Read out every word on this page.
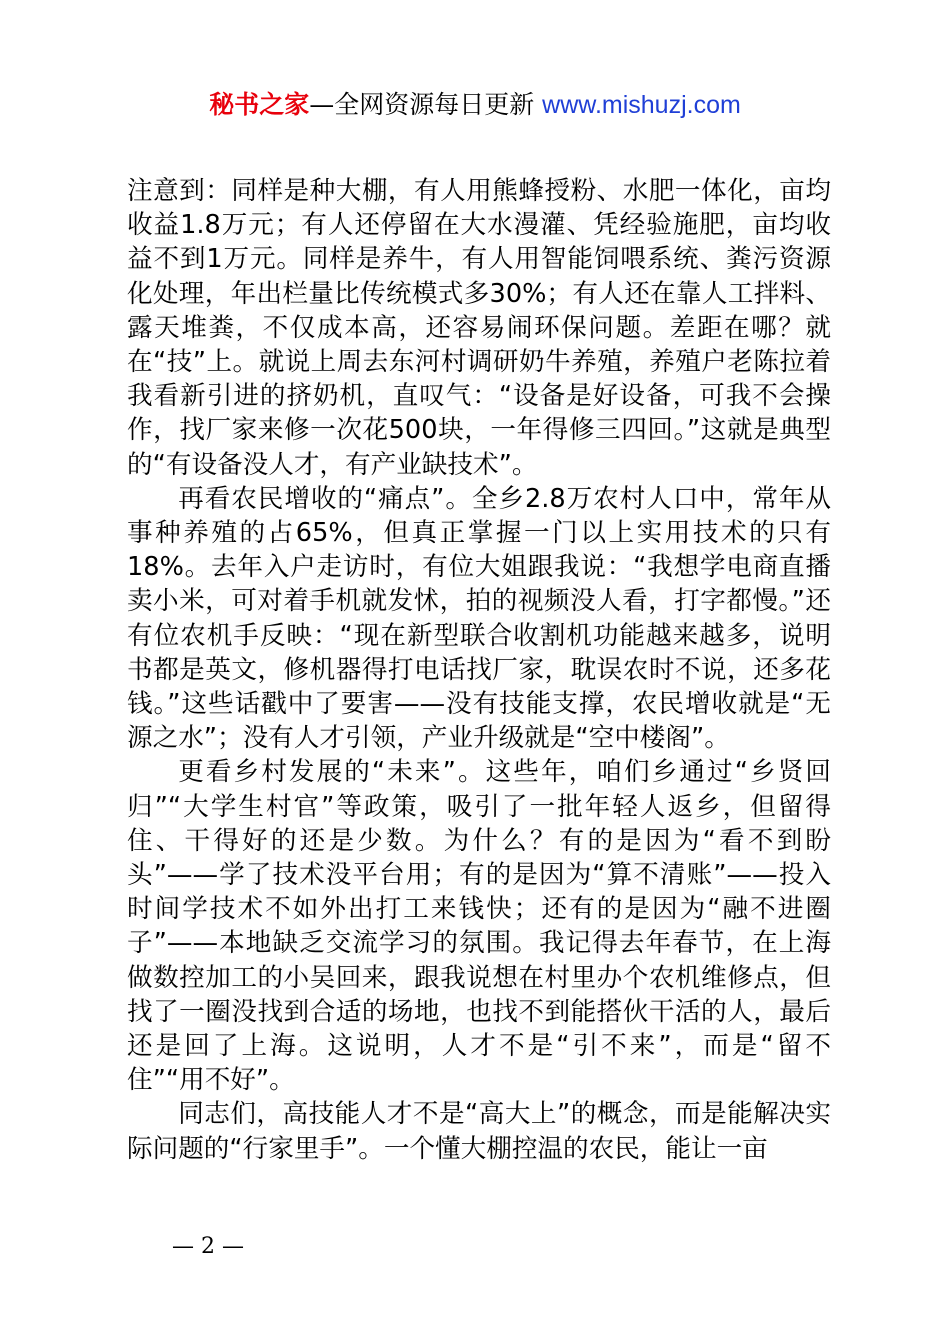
秘书之家—全网资源每日更新 www.mishuzj.com

注意到：同样是种大棚，有人用熊蜂授粉、水肥一体化，亩均收益1.8万元；有人还停留在大水漫灌、凭经验施肥，亩均收益不到1万元。同样是养牛，有人用智能饲喂系统、粪污资源化处理，年出栏量比传统模式多30%；有人还在靠人工拌料、露天堆粪，不仅成本高，还容易闹环保问题。差距在哪？就在“技”上。就说上周去东河村调研奶牛养殖，养殖户老陈拉着我看新引进的挤奶机，直叹气：“设备是好设备，可我不会操作，找厂家来修一次花500块，一年得修三四回。”这就是典型的“有设备没人才，有产业缺技术”。

再看农民增收的“痛点”。全乡2.8万农村人口中，常年从事种养殖的占65%，但真正掌握一门以上实用技术的只有18%。去年入户走访时，有位大姐跟我说：“我想学电商直播卖小米，可对着手机就发怵，拍的视频没人看，打字都慢。”还有位农机手反映：“现在新型联合收割机功能越来越多，说明书都是英文，修机器得打电话找厂家，耽误农时不说，还多花钱。”这些话戳中了要害——没有技能支撑，农民增收就是“无源之水”；没有人才引领，产业升级就是“空中楼阁”。

更看乡村发展的“未来”。这些年，咱们乡通过“乡贤回归”“大学生村官”等政策，吸引了一批年轻人返乡，但留得住、干得好的还是少数。为什么？有的是因为“看不到盼头”——学了技术没平台用；有的是因为“算不清账”——投入时间学技术不如外出打工来钱快；还有的是因为“融不进圈子”——本地缺乏交流学习的氛围。我记得去年春节，在上海做数控加工的小吴回来，跟我说想在村里办个农机维修点，但找了一圈没找到合适的场地，也找不到能搭伙干活的人，最后还是回了上海。这说明，人才不是“引不来”，而是“留不住”“用不好”。

同志们，高技能人才不是“高大上”的概念，而是能解决实际问题的“行家里手”。一个懂大棚控温的农民，能让一亩

— 2 —
